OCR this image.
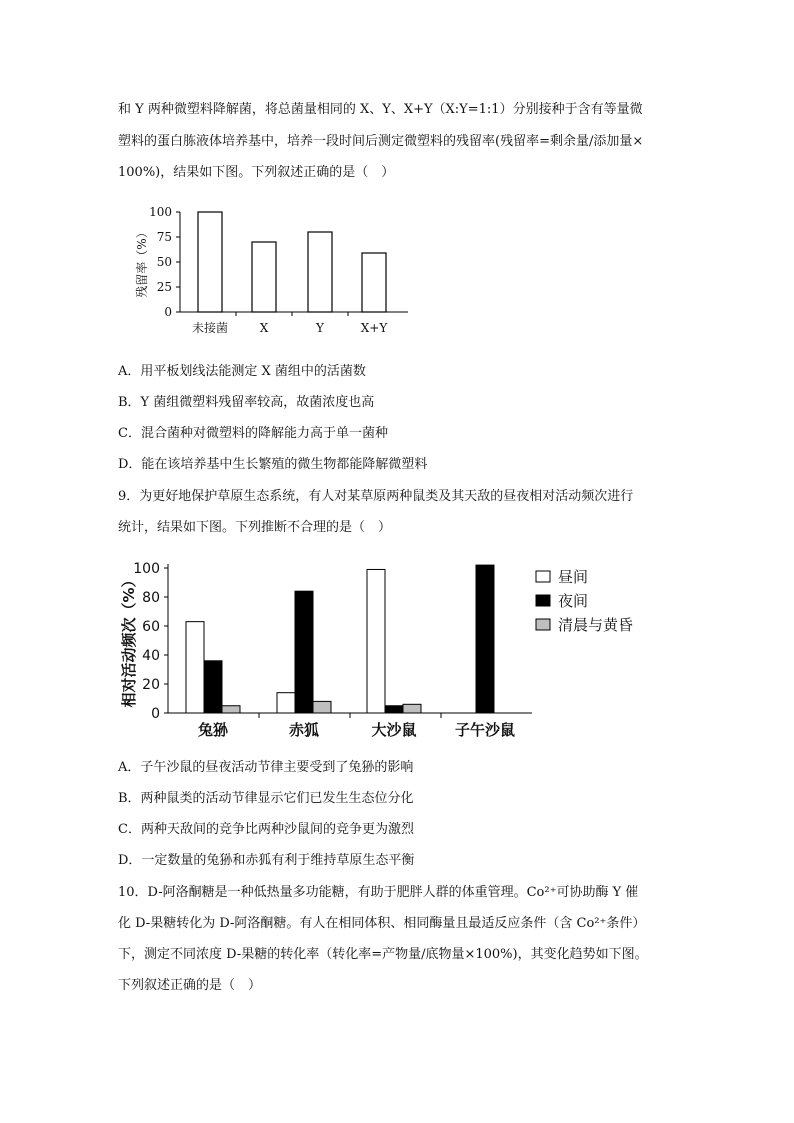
和 Y 两种微塑料降解菌，将总菌量相同的 X、Y、X+Y（X:Y=1:1）分别接种于含有等量微
塑料的蛋白胨液体培养基中，培养一段时间后测定微塑料的残留率(残留率=剩余量/添加量×
100%)，结果如下图。下列叙述正确的是（　）
100
75
50
25
0
未接菌	X	Y	X+Y
残留率（%）
A．用平板划线法能测定 X 菌组中的活菌数
B．Y 菌组微塑料残留率较高，故菌浓度也高
C．混合菌种对微塑料的降解能力高于单一菌种
D．能在该培养基中生长繁殖的微生物都能降解微塑料
9．为更好地保护草原生态系统，有人对某草原两种鼠类及其天敌的昼夜相对活动频次进行
统计，结果如下图。下列推断不合理的是（　）
100
80
60
40
20
0
兔狲	赤狐	大沙鼠	子午沙鼠
相对活动频次（%）	昼间
夜间
清晨与黄昏
A．子午沙鼠的昼夜活动节律主要受到了兔狲的影响
B．两种鼠类的活动节律显示它们已发生生态位分化
C．两种天敌间的竞争比两种沙鼠间的竞争更为激烈
D．一定数量的兔狲和赤狐有利于维持草原生态平衡
10．D-阿洛酮糖是一种低热量多功能糖，有助于肥胖人群的体重管理。Co²⁺可协助酶 Y 催
化 D-果糖转化为 D-阿洛酮糖。有人在相同体积、相同酶量且最适反应条件（含 Co²⁺条件）
下，测定不同浓度 D-果糖的转化率（转化率=产物量/底物量×100%)，其变化趋势如下图。
下列叙述正确的是（　）
